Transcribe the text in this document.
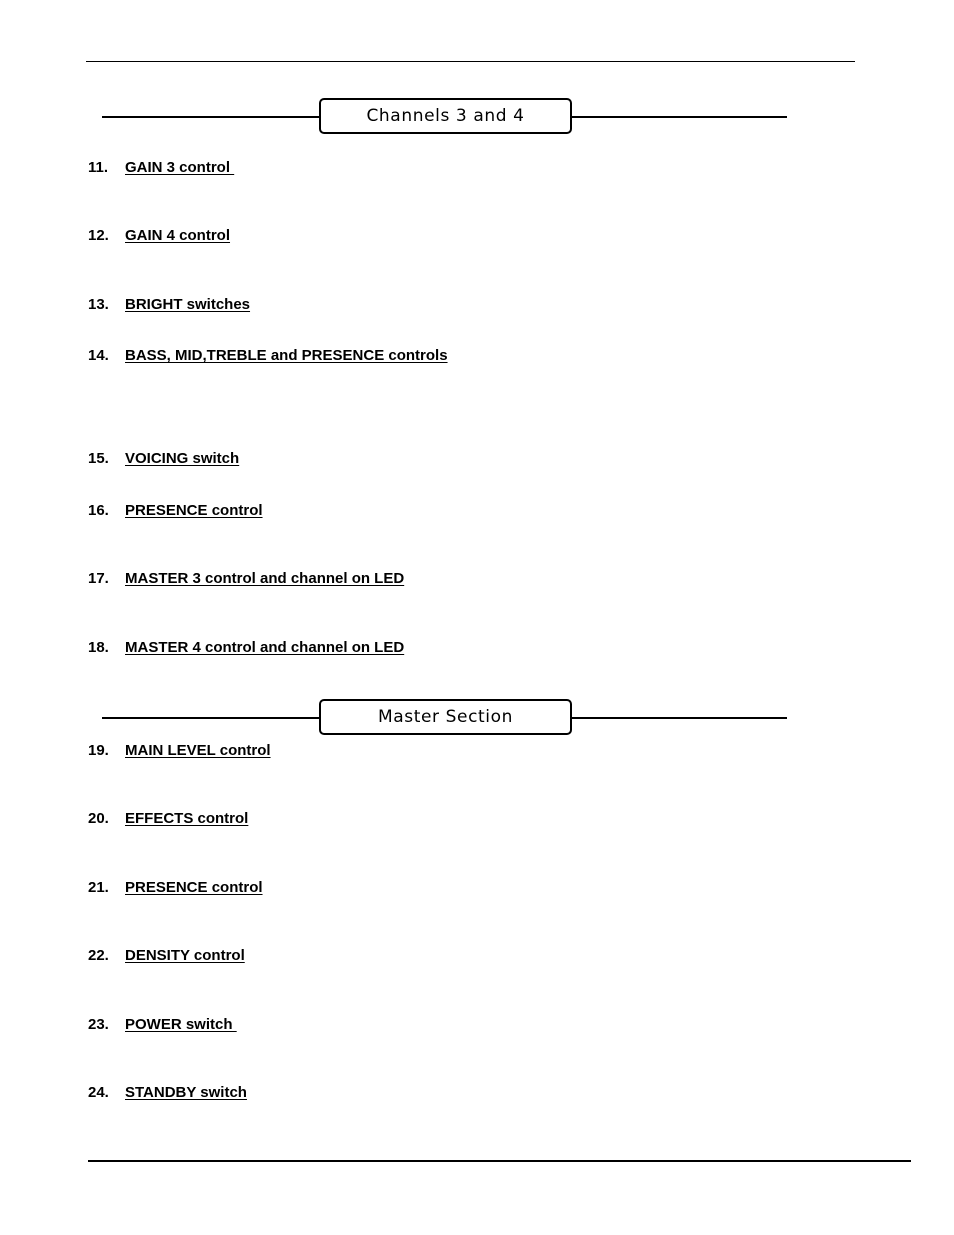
Channels 3 and 4
11. GAIN 3 control
12. GAIN 4 control
13. BRIGHT switches
14. BASS, MID,TREBLE and PRESENCE controls
15. VOICING switch
16. PRESENCE control
17. MASTER 3 control and channel on LED
18. MASTER 4 control and channel on LED
Master Section
19. MAIN LEVEL control
20. EFFECTS control
21. PRESENCE control
22. DENSITY control
23. POWER switch
24. STANDBY switch
